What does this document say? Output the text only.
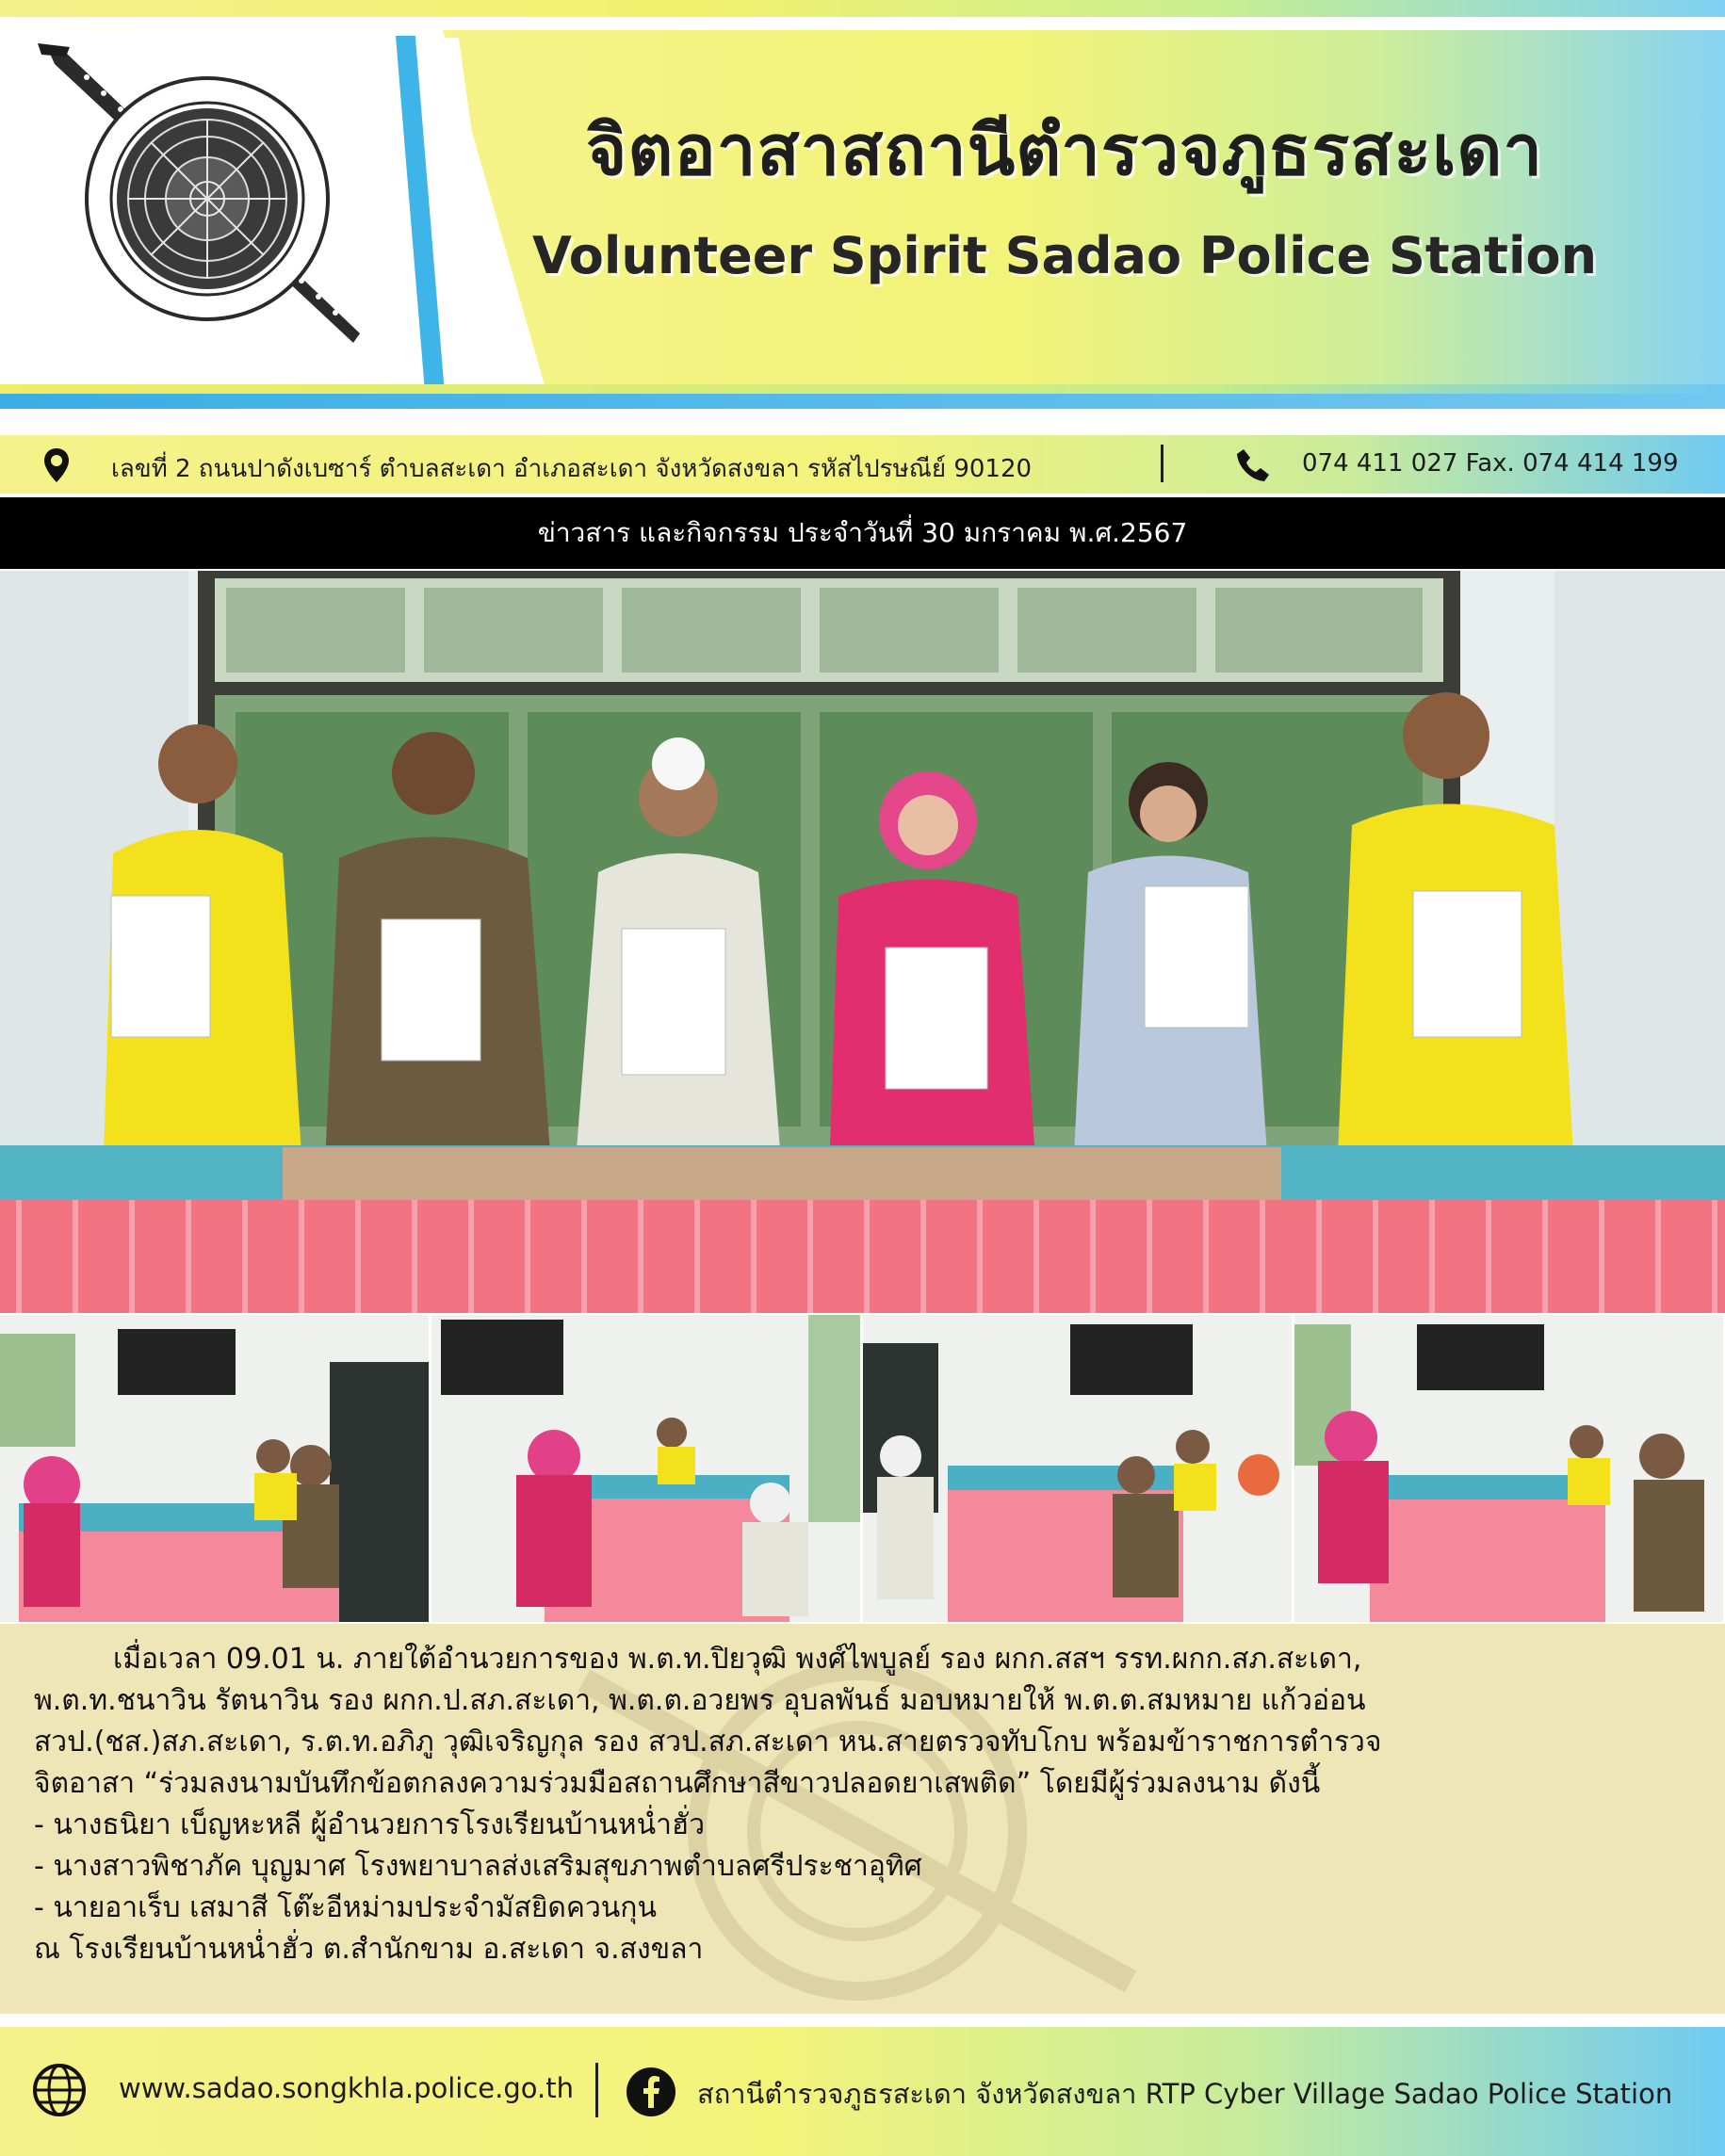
จิตอาสาสถานีตำรวจภูธรสะเดา
Volunteer Spirit Sadao Police Station
เลขที่ 2 ถนนปาดังเบซาร์ ตำบลสะเดา อำเภอสะเดา จังหวัดสงขลา รหัสไปรษณีย์ 90120	074 411 027 Fax. 074 414 199
ข่าวสาร และกิจกรรม ประจำวันที่ 30 มกราคม พ.ศ.2567

เมื่อเวลา 09.01 น. ภายใต้อำนวยการของ พ.ต.ท.ปิยวุฒิ พงศ์ไพบูลย์ รอง ผกก.สสฯ รรท.ผกก.สภ.สะเดา,

พ.ต.ท.ชนาวิน รัตนาวิน รอง ผกก.ป.สภ.สะเดา, พ.ต.ต.อวยพร อุบลพันธ์ มอบหมายให้ พ.ต.ต.สมหมาย แก้วอ่อน

สวป.(ชส.)สภ.สะเดา, ร.ต.ท.อภิภู วุฒิเจริญกุล รอง สวป.สภ.สะเดา หน.สายตรวจทับโกบ พร้อมข้าราชการตำรวจ

จิตอาสา “ร่วมลงนามบันทึกข้อตกลงความร่วมมือสถานศึกษาสีขาวปลอดยาเสพติด” โดยมีผู้ร่วมลงนาม ดังนี้

- นางธนิยา เบ็ญหะหลี ผู้อำนวยการโรงเรียนบ้านหน่ำฮั่ว

- นางสาวพิชาภัค บุญมาศ โรงพยาบาลส่งเสริมสุขภาพตำบลศรีประชาอุทิศ

- นายอาเร็บ เสมาสี โต๊ะอีหม่ามประจำมัสยิดควนกุน

ณ โรงเรียนบ้านหน่ำฮั่ว ต.สำนักขาม อ.สะเดา จ.สงขลา

www.sadao.songkhla.police.go.th	สถานีตำรวจภูธรสะเดา จังหวัดสงขลา RTP Cyber Village Sadao Police Station
